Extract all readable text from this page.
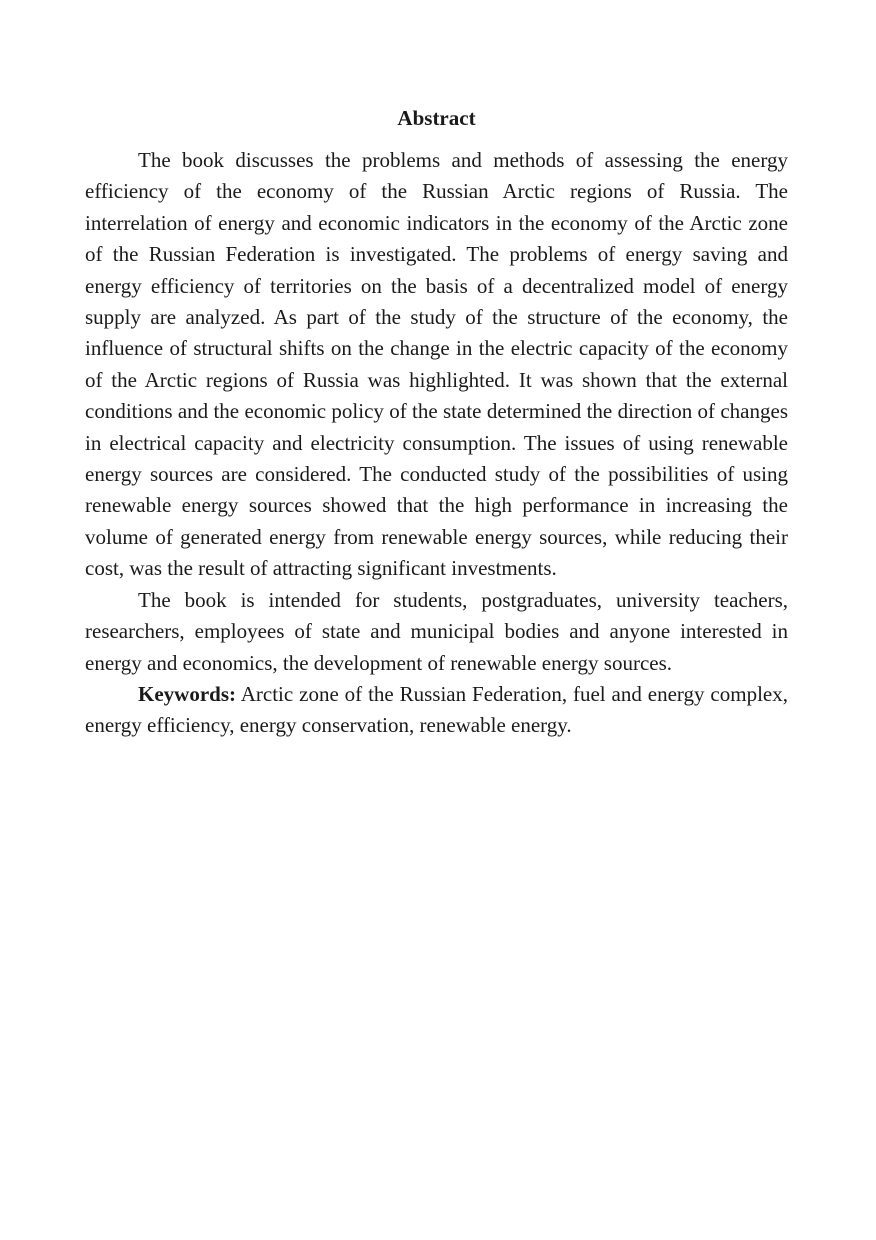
Abstract

The book discusses the problems and methods of assessing the energy efficiency of the economy of the Russian Arctic regions of Russia. The interrelation of energy and economic indicators in the economy of the Arctic zone of the Russian Federation is investigated. The problems of energy saving and energy efficiency of territories on the basis of a decentralized model of energy supply are analyzed. As part of the study of the structure of the economy, the influence of structural shifts on the change in the electric capacity of the economy of the Arctic regions of Russia was highlighted. It was shown that the external conditions and the economic policy of the state determined the direction of changes in electrical capacity and electricity consumption. The issues of using renewable energy sources are considered. The conducted study of the possibilities of using renewable energy sources showed that the high performance in increasing the volume of generated energy from renewable energy sources, while reducing their cost, was the result of attracting significant investments.

The book is intended for students, postgraduates, university teachers, researchers, employees of state and municipal bodies and anyone interested in energy and economics, the development of renewable energy sources.

Keywords: Arctic zone of the Russian Federation, fuel and energy complex, energy efficiency, energy conservation, renewable energy.
